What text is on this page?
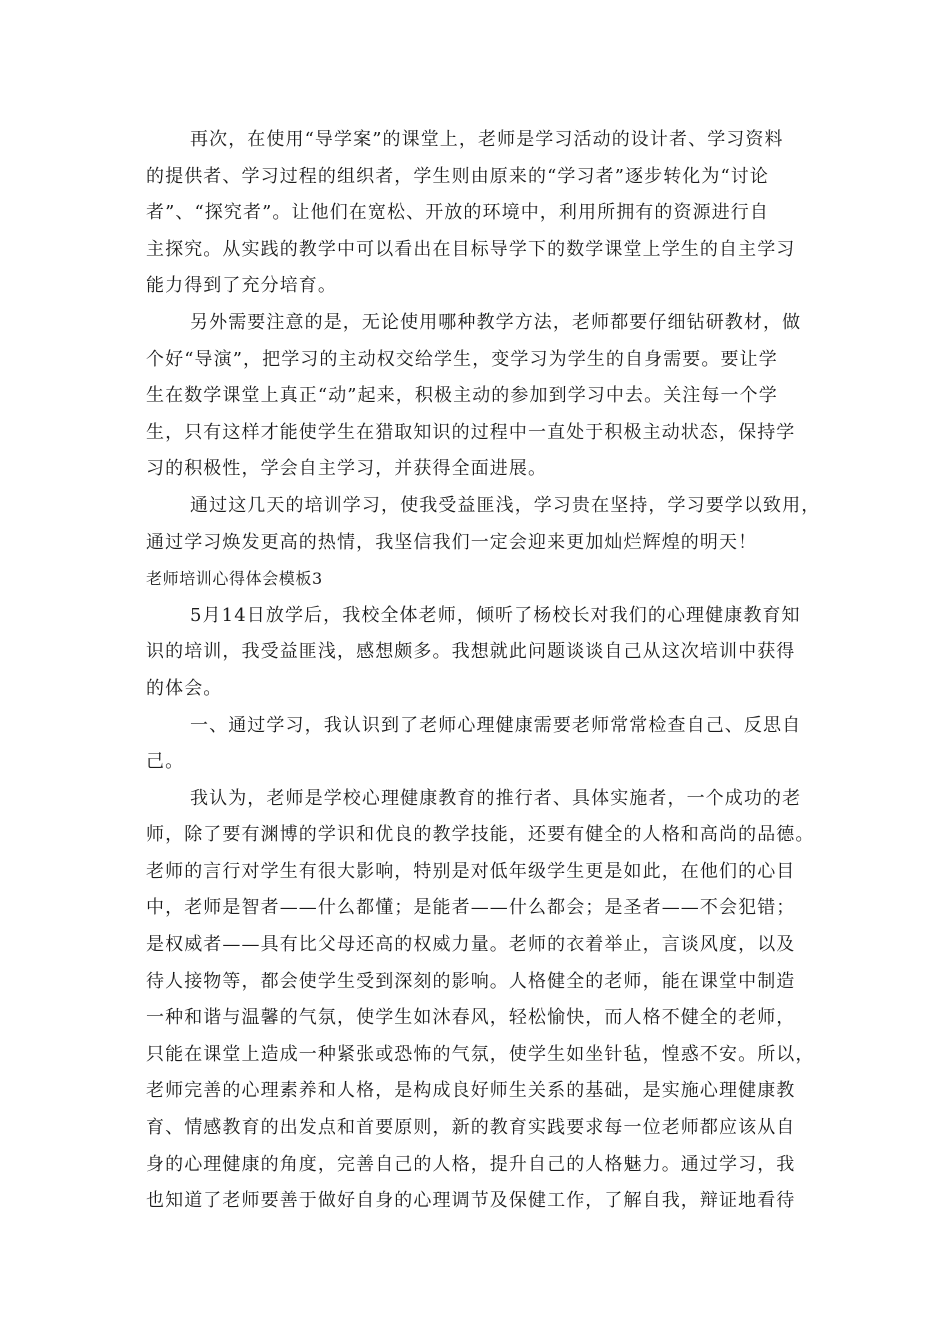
再次，在使用“导学案”的课堂上，老师是学习活动的设计者、学习资料
的提供者、学习过程的组织者，学生则由原来的“学习者”逐步转化为“讨论
者”、“探究者”。让他们在宽松、开放的环境中，利用所拥有的资源进行自
主探究。从实践的教学中可以看出在目标导学下的数学课堂上学生的自主学习
能力得到了充分培育。
另外需要注意的是，无论使用哪种教学方法，老师都要仔细钻研教材，做
个好“导演”，把学习的主动权交给学生，变学习为学生的自身需要。要让学
生在数学课堂上真正“动”起来，积极主动的参加到学习中去。关注每一个学
生，只有这样才能使学生在猎取知识的过程中一直处于积极主动状态，保持学
习的积极性，学会自主学习，并获得全面进展。
通过这几天的培训学习，使我受益匪浅，学习贵在坚持，学习要学以致用，
通过学习焕发更高的热情，我坚信我们一定会迎来更加灿烂辉煌的明天！
老师培训心得体会模板3
5月14日放学后，我校全体老师，倾听了杨校长对我们的心理健康教育知
识的培训，我受益匪浅，感想颇多。我想就此问题谈谈自己从这次培训中获得
的体会。
一、通过学习，我认识到了老师心理健康需要老师常常检查自己、反思自
己。
我认为，老师是学校心理健康教育的推行者、具体实施者，一个成功的老
师，除了要有渊博的学识和优良的教学技能，还要有健全的人格和高尚的品德。
老师的言行对学生有很大影响，特别是对低年级学生更是如此，在他们的心目
中，老师是智者——什么都懂；是能者——什么都会；是圣者——不会犯错；
是权威者——具有比父母还高的权威力量。老师的衣着举止，言谈风度，以及
待人接物等，都会使学生受到深刻的影响。人格健全的老师，能在课堂中制造
一种和谐与温馨的气氛，使学生如沐春风，轻松愉快，而人格不健全的老师，
只能在课堂上造成一种紧张或恐怖的气氛，使学生如坐针毡，惶惑不安。所以，
老师完善的心理素养和人格，是构成良好师生关系的基础，是实施心理健康教
育、情感教育的出发点和首要原则，新的教育实践要求每一位老师都应该从自
身的心理健康的角度，完善自己的人格，提升自己的人格魅力。通过学习，我
也知道了老师要善于做好自身的心理调节及保健工作，了解自我，辩证地看待
